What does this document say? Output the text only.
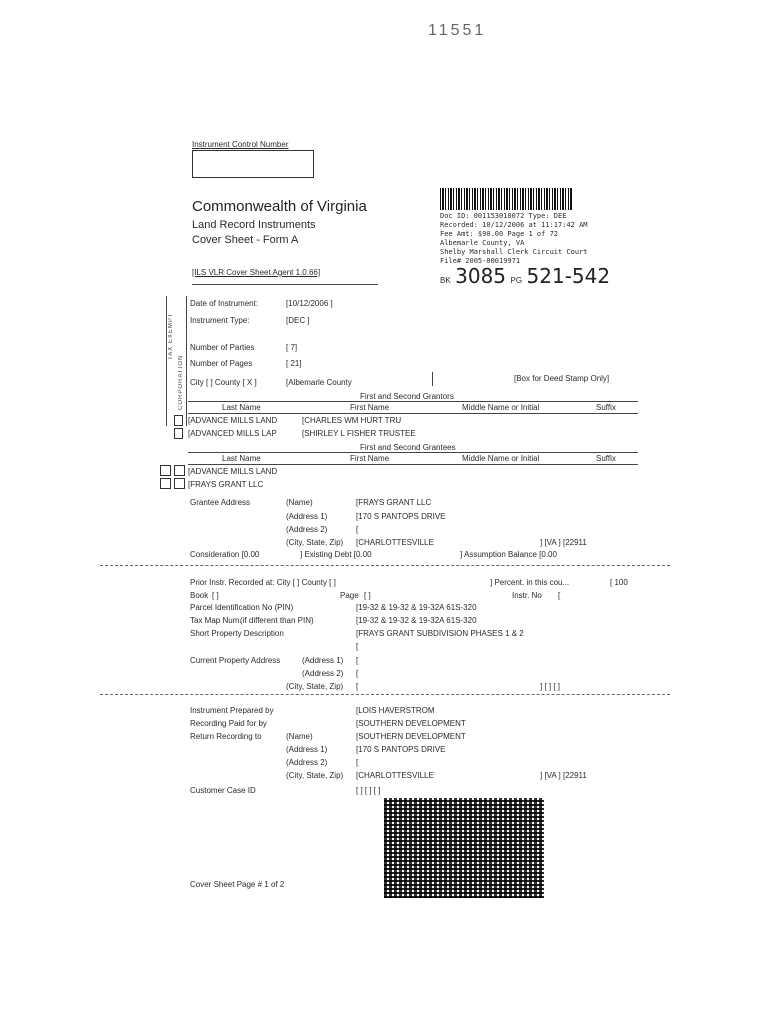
11551
Instrument Control Number
Commonwealth of Virginia
Land Record Instruments
Cover Sheet - Form A
[ILS VLR Cover Sheet Agent 1.0.66]
Doc ID: 001153010072 Type: DEE
Recorded: 10/12/2006 at 11:17:42 AM
Fee Amt: $90.00 Page 1 of 72
Albemarle County, VA
Shelby Marshall Clerk Circuit Court
File# 2005-00019971
BK 3085 PG 521-542
TAX EXEMPT
CORPORATION
Date of Instrument:	[10/12/2006 ]
Instrument Type:	[DEC ]
Number of Parties	[ 7]
Number of Pages	[ 21]
City [ ] County [ X ]	[Albemarle County	[Box for Deed Stamp Only]
First and Second Grantors
Last Name	First Name	Middle Name or Initial	Suffix
[ADVANCE MILLS LAND	[CHARLES WM HURT TRU
[ADVANCED MILLS LAP	[SHIRLEY L FISHER TRUSTEE
First and Second Grantees
Last Name	First Name	Middle Name or Initial	Suffix
[ADVANCE MILLS LAND
[FRAYS GRANT LLC
Grantee Address	(Name)	[FRAYS GRANT LLC
(Address 1)	[170 S PANTOPS DRIVE
(Address 2)	[
(City, State, Zip) [CHARLOTTESVILLE	] [VA ] [22911
Consideration [0.00	] Existing Debt [0.00	] Assumption Balance [0.00
Prior Instr. Recorded at: City [ ] County [ ]	] Percent. in this cou...	[ 100
Book [ ]	Page [ ]	Instr. No [
Parcel Identification No (PIN)	[19-32 & 19-32 & 19-32A 61S-320
Tax Map Num.
(if different than PIN)	[19-32 & 19-32 & 19-32A 61S-320
Short Property Description	[FRAYS GRANT SUBDIVISION PHASES 1 & 2
[
Current Property Address	(Address 1) [
(Address 2) [
(City, State, Zip) [	] [ ] [ ]
Instrument Prepared by	[LOIS HAVERSTROM
Recording Paid for by	[SOUTHERN DEVELOPMENT
Return Recording to	(Name)	[SOUTHERN DEVELOPMENT
(Address 1)	[170 S PANTOPS DRIVE
(Address 2)	[
(City, State, Zip) [CHARLOTTESVILLE	] [VA ] [22911
Customer Case ID	[ ] [ ] [ ]
Cover Sheet Page # 1 of 2
